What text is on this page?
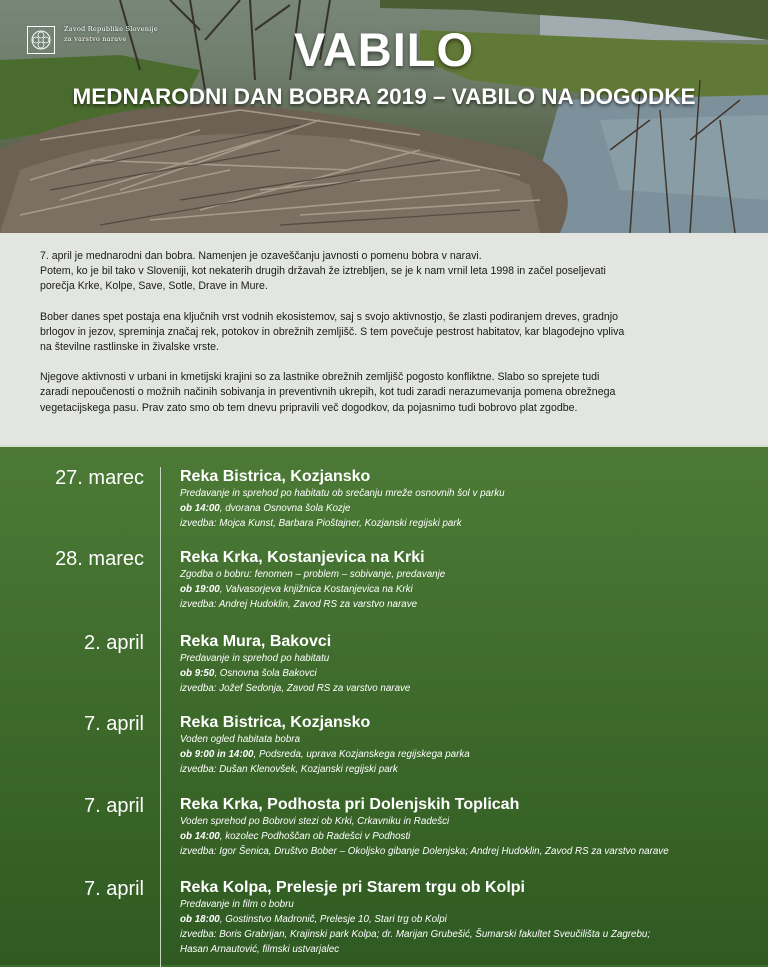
Zavod Republike Slovenije
za varstvo narave	VABILO
MEDNARODNI DAN BOBRA 2019 – VABILO NA DOGODKE

7. april je mednarodni dan bobra. Namenjen je ozaveščanju javnosti o pomenu bobra v naravi.
Potem, ko je bil tako v Sloveniji, kot nekaterih drugih državah že iztrebljen, se je k nam vrnil leta 1998 in začel poseljevati
porečja Krke, Kolpe, Save, Sotle, Drave in Mure.

Bober danes spet postaja ena ključnih vrst vodnih ekosistemov, saj s svojo aktivnostjo, še zlasti podiranjem dreves, gradnjo
brlogov in jezov, spreminja značaj rek, potokov in obrežnih zemljišč. S tem povečuje pestrost habitatov, kar blagodejno vpliva
na številne rastlinske in živalske vrste.

Njegove aktivnosti v urbani in kmetijski krajini so za lastnike obrežnih zemljišč pogosto konfliktne. Slabo so sprejete tudi
zaradi nepoučenosti o možnih načinih sobivanja in preventivnih ukrepih, kot tudi zaradi nerazumevanja pomena obrežnega
vegetacijskega pasu. Prav zato smo ob tem dnevu pripravili več dogodkov, da pojasnimo tudi bobrovo plat zgodbe.

27. marec Reka Bistrica, Kozjansko
Predavanje in sprehod po habitatu ob srečanju mreže osnovnih šol v parku
ob 14:00, dvorana Osnovna šola Kozje
izvedba: Mojca Kunst, Barbara Pioštajner, Kozjanski regijski park
28. marec Reka Krka, Kostanjevica na Krki
Zgodba o bobru: fenomen – problem – sobivanje, predavanje
ob 19:00, Valvasorjeva knjižnica Kostanjevica na Krki
izvedba: Andrej Hudoklin, Zavod RS za varstvo narave
2. april Reka Mura, Bakovci
Predavanje in sprehod po habitatu
ob 9:50, Osnovna šola Bakovci
izvedba: Jožef Sedonja, Zavod RS za varstvo narave
7. april Reka Bistrica, Kozjansko
Voden ogled habitata bobra
ob 9:00 in 14:00, Podsreda, uprava Kozjanskega regijskega parka
izvedba: Dušan Klenovšek, Kozjanski regijski park
7. april Reka Krka, Podhosta pri Dolenjskih Toplicah
Voden sprehod po Bobrovi stezi ob Krki, Crkavniku in Radešci
ob 14:00, kozolec Podhoščan ob Radešci v Podhosti
izvedba: Igor Šenica, Društvo Bober – Okoljsko gibanje Dolenjska; Andrej Hudoklin, Zavod RS za varstvo narave
7. april Reka Kolpa, Prelesje pri Starem trgu ob Kolpi
Predavanje in film o bobru
ob 18:00, Gostinstvo Madronič, Prelesje 10, Stari trg ob Kolpi
izvedba: Boris Grabrijan, Krajinski park Kolpa; dr. Marijan Grubešić, Šumarski fakultet Sveučilišta u Zagrebu;
Hasan Arnautović, filmski ustvarjalec
